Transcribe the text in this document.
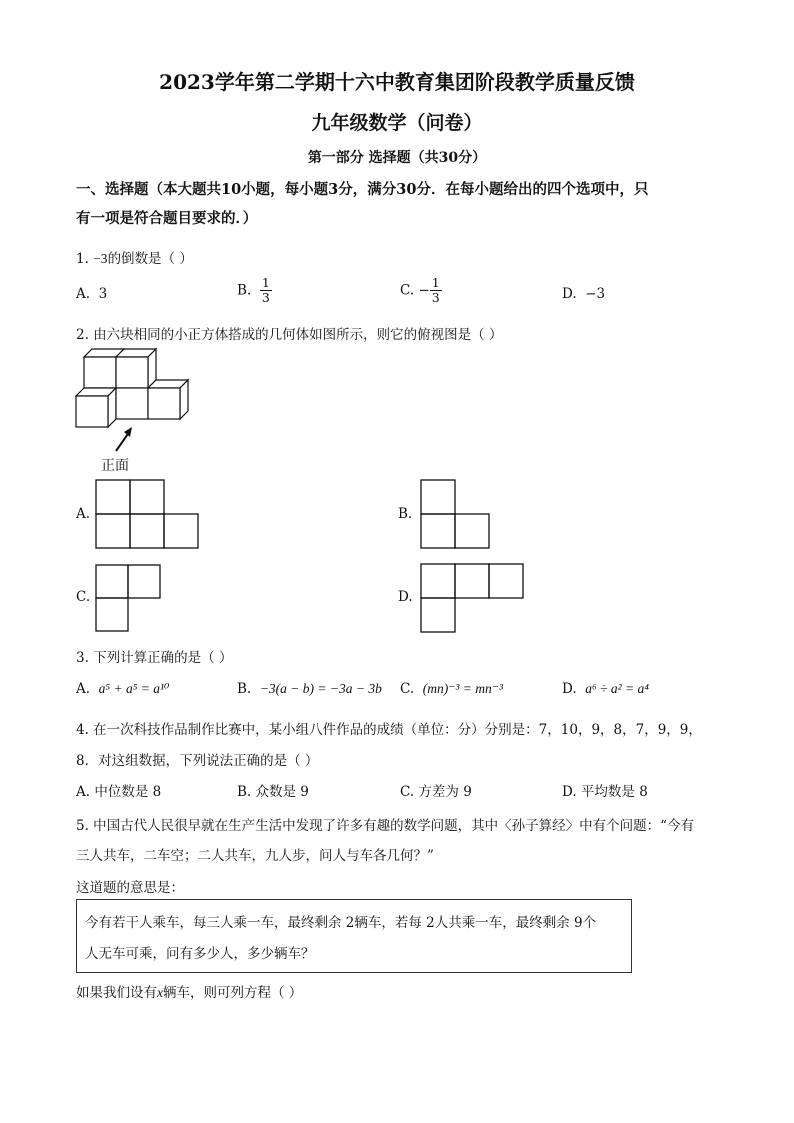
2023学年第二学期十六中教育集团阶段教学质量反馈
九年级数学（问卷）
第一部分 选择题（共30分）
一、选择题（本大题共10小题，每小题3分，满分30分．在每小题给出的四个选项中，只
有一项是符合题目要求的．）
1. −3的倒数是（ ）
A. 3	B. $\frac{1}{3}$	C. − $\frac{1}{3}$	D. −3
2. 由六块相同的小正方体搭成的几何体如图所示，则它的俯视图是（ ）
正面
A.	B.
C.	D.
3. 下列计算正确的是（ ）
A. a⁵ + a⁵ = a¹⁰	B. −3(a − b) = −3a − 3b C. (mn)⁻³ = mn⁻³	D. a⁶ ÷ a² = a⁴
4. 在一次科技作品制作比赛中，某小组八件作品的成绩（单位：分）分别是：7，10，9，8，7，9，9，
8．对这组数据，下列说法正确的是（ ）
A. 中位数是 8	B. 众数是 9	C. 方差为 9	D. 平均数是 8
5. 中国古代人民很早就在生产生活中发现了许多有趣的数学问题，其中〈孙子算经〉中有个问题：“今有
三人共车，二车空；二人共车，九人步，问人与车各几何？”
这道题的意思是：
今有若干人乘车，每三人乘一车，最终剩余 2辆车，若每 2人共乘一车，最终剩余 9个
人无车可乘，问有多少人，多少辆车？
如果我们设有x辆车，则可列方程（ ）
